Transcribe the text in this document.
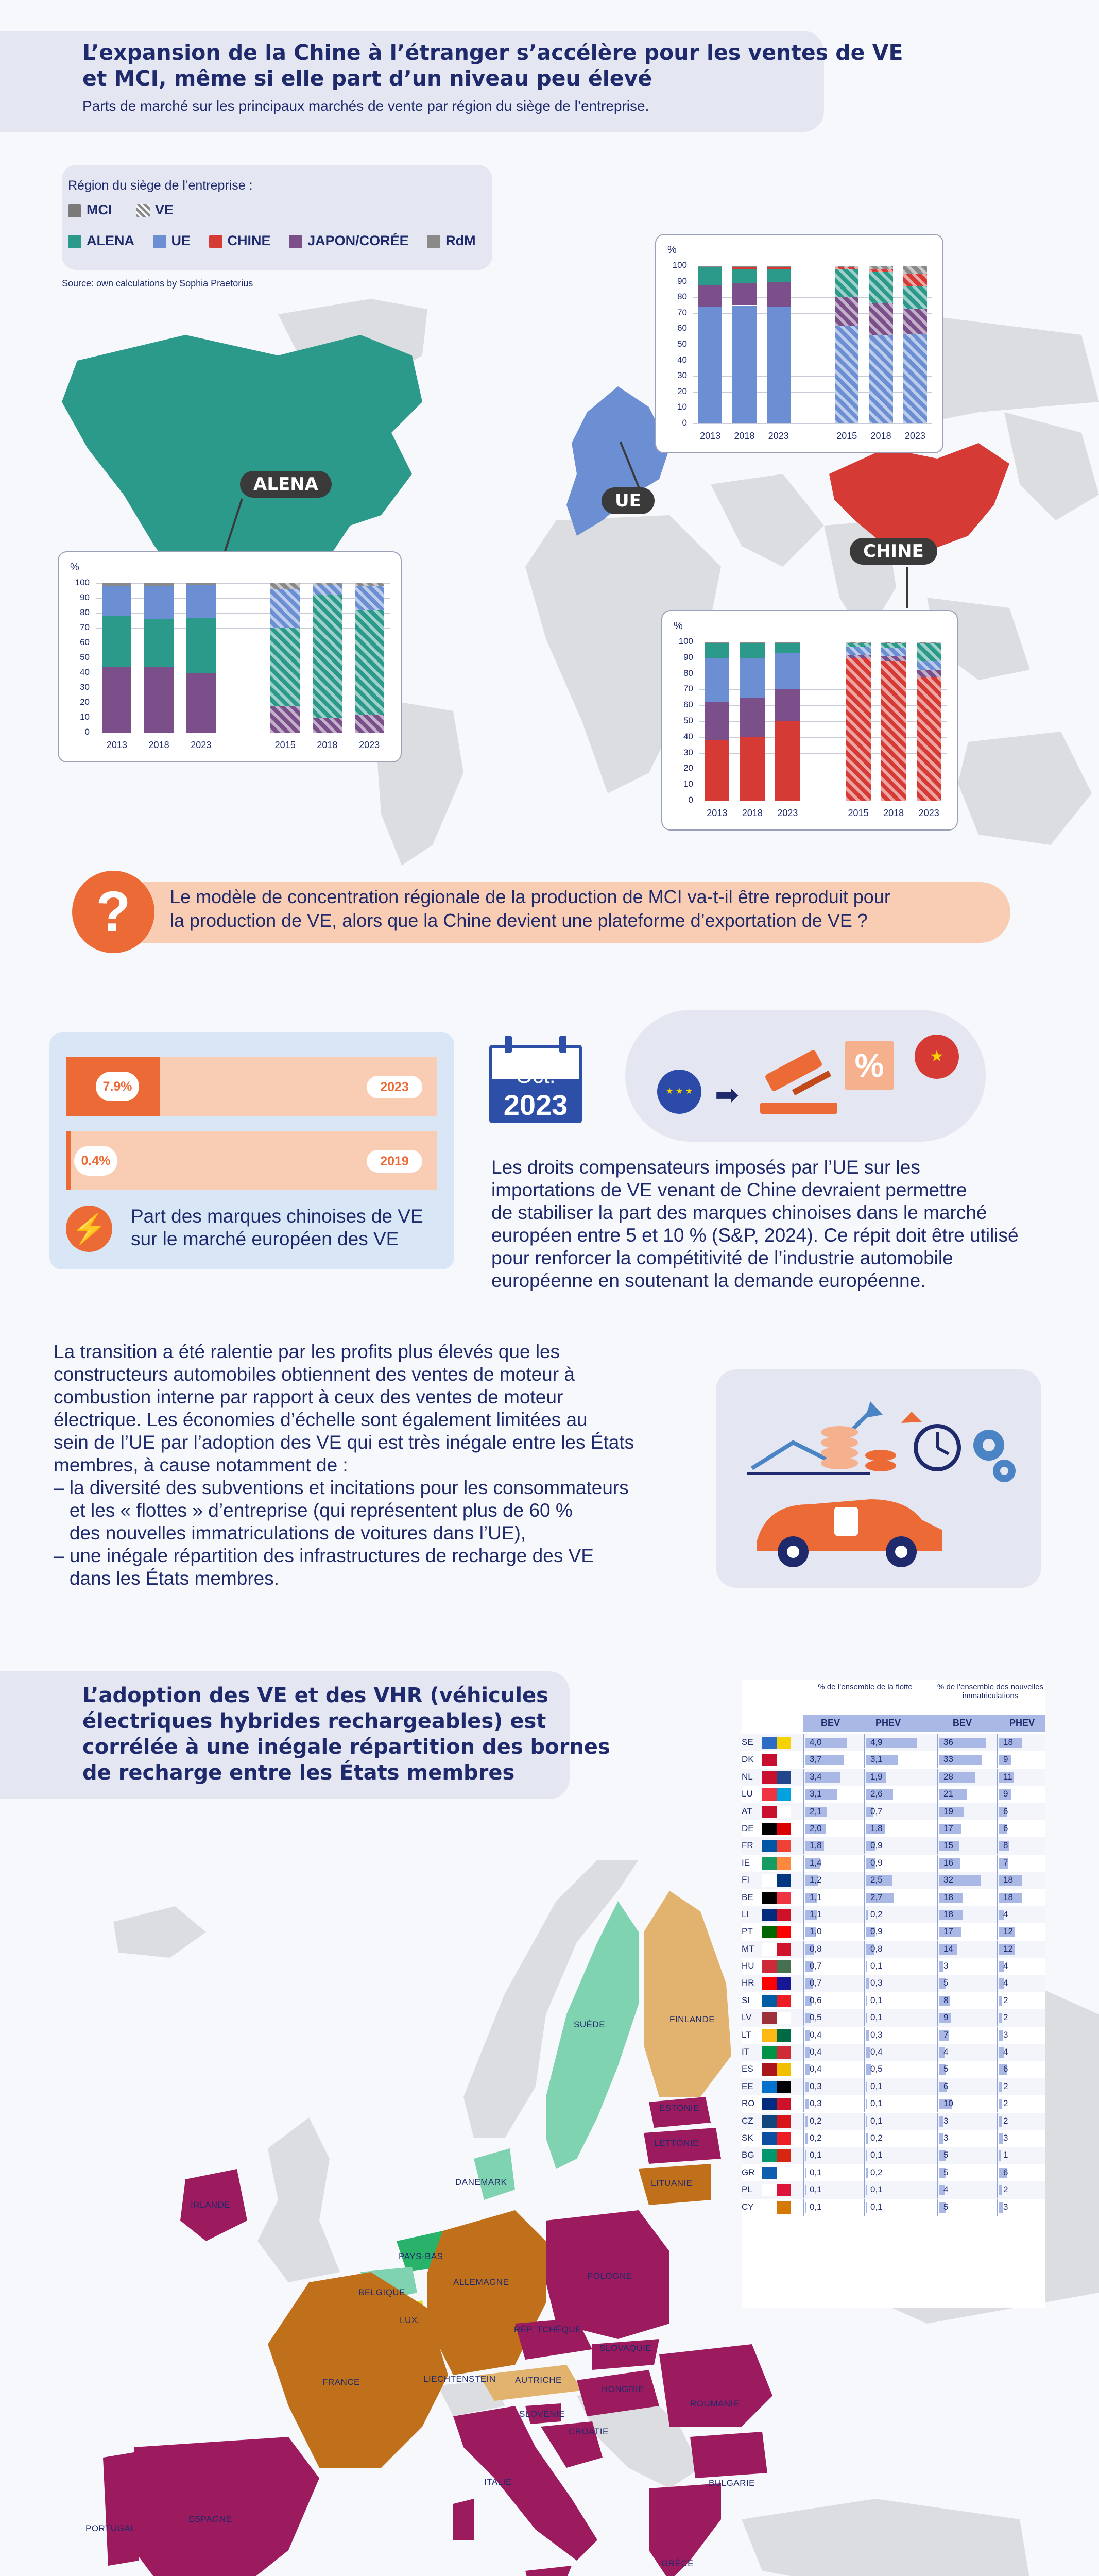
L’expansion de la Chine à l’étranger s’accélère pour les ventes de VE
et MCI, même si elle part d’un niveau peu élevé
Parts de marché sur les principaux marchés de vente par région du siège de l’entreprise.
Région du siège de l’entreprise :
MCI	VE
ALENA	UE	CHINE	JAPON/CORÉE	RdM
Source: own calculations by Sophia Praetorius
ALENA
UE
CHINE
%
0
10
20
30
40
50
60
70
80
90
100
2013	2018	2023	2015	2018	2023
%
0
10
20
30
40
50
60
70
80
90
100
2013	2018	2023	2015	2018	2023
%
0
10
20
30
40
50
60
70
80
90
100
2013	2018	2023	2015	2018	2023
?	Le modèle de concentration régionale de la production de MCI va-t-il être reproduit pour
la production de VE, alors que la Chine devient une plateforme d’exportation de VE ?
7.9%	2023
0.4%	2019
⚡ Part des marques chinoises de VE
sur le marché européen des VE
Oct.
2023	★ ★ ★ ➡
%	★
Les droits compensateurs imposés par l’UE sur les
importations de VE venant de Chine devraient permettre
de stabiliser la part des marques chinoises dans le marché
européen entre 5 et 10 % (S&P, 2024). Ce répit doit être utilisé
pour renforcer la compétitivité de l’industrie automobile
européenne en soutenant la demande européenne.
La transition a été ralentie par les profits plus élevés que les
constructeurs automobiles obtiennent des ventes de moteur à
combustion interne par rapport à ceux des ventes de moteur
électrique. Les économies d’échelle sont également limitées au
sein de l’UE par l’adoption des VE qui est très inégale entre les États
membres, à cause notamment de :
– la diversité des subventions et incitations pour les consommateurs
et les « flottes » d’entreprise (qui représentent plus de 60 %
des nouvelles immatriculations de voitures dans l’UE),
– une inégale répartition des infrastructures de recharge des VE
dans les États membres.
L’adoption des VE et des VHR (véhicules
électriques hybrides rechargeables) est
corrélée à une inégale répartition des bornes
de recharge entre les États membres
SUÈDE
FINLANDE
ESTONIE
LETTONIE
LITUANIE
IRLANDE
DANEMARK
PAYS-BAS
BELGIQUE
LUX.
ALLEMAGNE
POLOGNE
RÉP. TCHÈQUE
SLOVAQUIE
FRANCE	LIECHTENSTEIN AUTRICHE
HONGRIE
ROUMANIE
SLOVÉNIE
CROATIE
ITALIE	BULGARIE
PORTUGAL
ESPAGNE
GRÈCE
% de l’ensemble de la flotte	% de l’ensemble des nouvelles immatriculations
BEV	PHEV	BEV	PHEV
SE	4,0	4,9	36	18
DK	3,7	3,1	33	9
NL	3,4	1,9	28	11
LU	3,1	2,6	21	9
AT	2,1	0,7	19	6
DE	2,0	1,8	17	6
FR	1,8	0,9	15	8
IE	1,4	0,9	16	7
FI	1,2	2,5	32	18
BE	1,1	2,7	18	18
LI	1,1	0,2	18	4
PT	1,0	0,9	17	12
MT	0,8	0,8	14	12
HU	0,7	0,1	3	4
HR	0,7	0,3	5	4
SI	0,6	0,1	8	2
LV	0,5	0,1	9	2
LT	0,4	0,3	7	3
IT	0,4	0,4	4	4
ES	0,4	0,5	5	6
EE	0,3	0,1	6	2
RO	0,3	0,1	10	2
CZ	0,2	0,1	3	2
SK	0,2	0,2	3	3
BG	0,1	0,1	5	1
GR	0,1	0,2	5	6
PL	0,1	0,1	4	2
CY	0,1	0,1	5	3
